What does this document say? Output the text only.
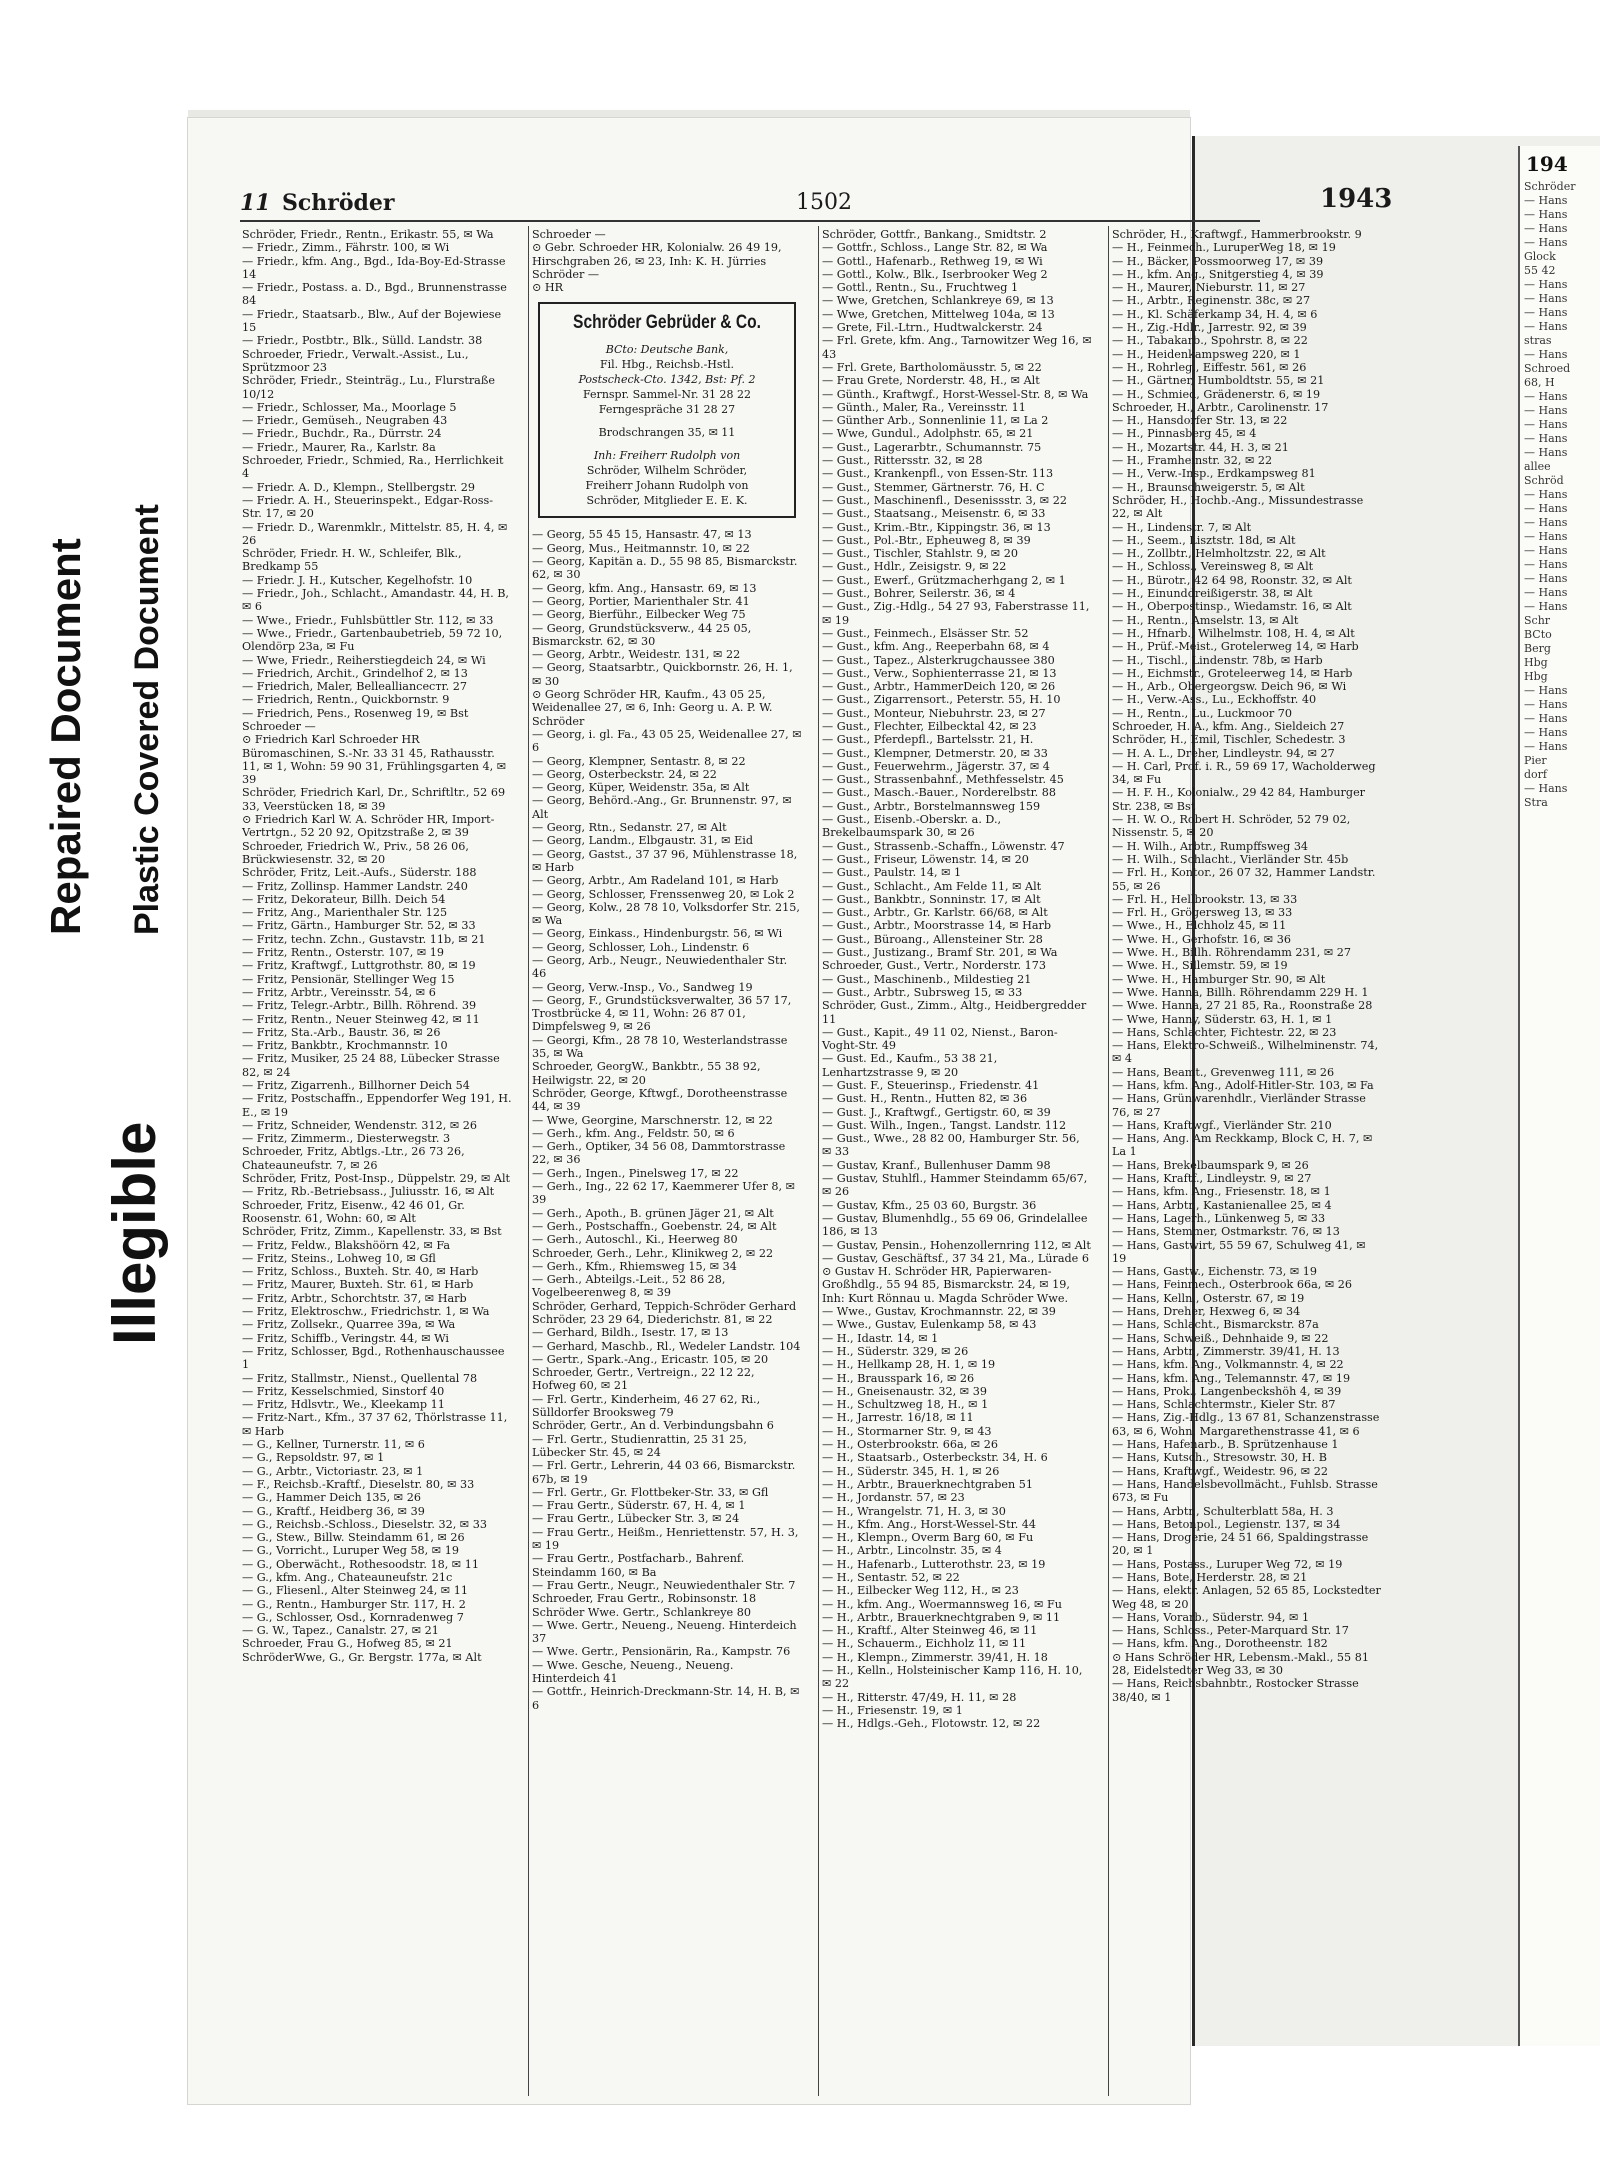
Repaired Document Plastic Covered Document
Illegible
194
Schröder
— Hans
— Hans
— Hans
— Hans
Glock
55 42
— Hans
— Hans
— Hans
— Hans
stras
— Hans
Schroed
68, H
— Hans
— Hans
— Hans
— Hans
— Hans
allee
Schröd
— Hans
— Hans
— Hans
— Hans
— Hans
— Hans
— Hans
— Hans
— Hans
Schr
BCto
Berg
Hbg
Hbg
— Hans
— Hans
— Hans
— Hans
— Hans
Pier
dorf
— Hans
Stra
11 Schröder	1502	1943
Schröder, Friedr., Rentn., Erikastr. 55, ✉ Wa
— Friedr., Zimm., Fährstr. 100, ✉ Wi
— Friedr., kfm. Ang., Bgd., Ida-Boy-Ed-Strasse 14
— Friedr., Postass. a. D., Bgd., Brunnenstrasse 84
— Friedr., Staatsarb., Blw., Auf der Bojewiese 15
— Friedr., Postbtr., Blk., Sülld. Landstr. 38
Schroeder, Friedr., Verwalt.-Assist., Lu., Sprützmoor 23
Schröder, Friedr., Steinträg., Lu., Flurstraße 10/12
— Friedr., Schlosser, Ma., Moorlage 5
— Friedr., Gemüseh., Neugraben 43
— Friedr., Buchdr., Ra., Dürrstr. 24
— Friedr., Maurer, Ra., Karlstr. 8a
Schroeder, Friedr., Schmied, Ra., Herrlichkeit 4
— Friedr. A. D., Klempn., Stellbergstr. 29
— Friedr. A. H., Steuerinspekt., Edgar-Ross-Str. 17, ✉ 20
— Friedr. D., Warenmklr., Mittelstr. 85, H. 4, ✉ 26
Schröder, Friedr. H. W., Schleifer, Blk., Bredkamp 55
— Friedr. J. H., Kutscher, Kegelhofstr. 10
— Friedr., Joh., Schlacht., Amandastr. 44, H. B, ✉ 6
— Wwe., Friedr., Fuhlsbüttler Str. 112, ✉ 33
— Wwe., Friedr., Gartenbaubetrieb, 59 72 10, Olendörp 23a, ✉ Fu
— Wwe, Friedr., Reiherstiegdeich 24, ✉ Wi
— Friedrich, Archit., Grindelhof 2, ✉ 13
— Friedrich, Maler, Belleallianceстr. 27
— Friedrich, Rentn., Quickbornstr. 9
— Friedrich, Pens., Rosenweg 19, ✉ Bst
Schroeder —
⊙ Friedrich Karl Schroeder HR Büromaschinen, S.-Nr. 33 31 45, Rathausstr. 11, ✉ 1, Wohn: 59 90 31, Frühlingsgarten 4, ✉ 39
Schröder, Friedrich Karl, Dr., Schriftltr., 52 69 33, Veerstücken 18, ✉ 39
⊙ Friedrich Karl W. A. Schröder HR, Import-Vertrtgn., 52 20 92, Opitzstraße 2, ✉ 39
Schroeder, Friedrich W., Priv., 58 26 06, Brückwiesenstr. 32, ✉ 20
Schröder, Fritz, Leit.-Aufs., Süderstr. 188
— Fritz, Zollinsp. Hammer Landstr. 240
— Fritz, Dekorateur, Billh. Deich 54
— Fritz, Ang., Marienthaler Str. 125
— Fritz, Gärtn., Hamburger Str. 52, ✉ 33
— Fritz, techn. Zchn., Gustavstr. 11b, ✉ 21
— Fritz, Rentn., Osterstr. 107, ✉ 19
— Fritz, Kraftwgf., Luttgrothstr. 80, ✉ 19
— Fritz, Pensionär, Stellinger Weg 15
— Fritz, Arbtr., Vereinsstr. 54, ✉ 6
— Fritz, Telegr.-Arbtr., Billh. Röhrend. 39
— Fritz, Rentn., Neuer Steinweg 42, ✉ 11
— Fritz, Sta.-Arb., Baustr. 36, ✉ 26
— Fritz, Bankbtr., Krochmannstr. 10
— Fritz, Musiker, 25 24 88, Lübecker Strasse 82, ✉ 24
— Fritz, Zigarrenh., Billhorner Deich 54
— Fritz, Postschaffn., Eppendorfer Weg 191, H. E., ✉ 19
— Fritz, Schneider, Wendenstr. 312, ✉ 26
— Fritz, Zimmerm., Diesterwegstr. 3
Schroeder, Fritz, Abtlgs.-Ltr., 26 73 26, Chateaunеufstr. 7, ✉ 26
Schröder, Fritz, Post-Insp., Düppelstr. 29, ✉ Alt
— Fritz, Rb.-Betriebsass., Juliusstr. 16, ✉ Alt
Schroeder, Fritz, Eisenw., 42 46 01, Gr. Roosenstr. 61, Wohn: 60, ✉ Alt
Schröder, Fritz, Zimm., Kapellenstr. 33, ✉ Bst
— Fritz, Feldw., Blakshöörn 42, ✉ Fa
— Fritz, Steins., Lohweg 10, ✉ Gfl
— Fritz, Schloss., Buxteh. Str. 40, ✉ Harb
— Fritz, Maurer, Buxteh. Str. 61, ✉ Harb
— Fritz, Arbtr., Schorchtstr. 37, ✉ Harb
— Fritz, Elektroschw., Friedrichstr. 1, ✉ Wa
— Fritz, Zollsekr., Quarree 39a, ✉ Wa
— Fritz, Schiffb., Veringstr. 44, ✉ Wi
— Fritz, Schlosser, Bgd., Rothenhauschaussee 1
— Fritz, Stallmstr., Nienst., Quellental 78
— Fritz, Kesselschmied, Sinstorf 40
— Fritz, Hdlsvtr., We., Kleekamp 11
— Fritz-Nart., Kfm., 37 37 62, Thörlstrasse 11, ✉ Harb
— G., Kellner, Turnerstr. 11, ✉ 6
— G., Repsoldstr. 97, ✉ 1
— G., Arbtr., Victoriastr. 23, ✉ 1
— F., Reichsb.-Kraftf., Dieselstr. 80, ✉ 33
— G., Hammer Deich 135, ✉ 26
— G., Kraftf., Heidberg 36, ✉ 39
— G., Reichsb.-Schloss., Dieselstr. 32, ✉ 33
— G., Stew., Billw. Steindamm 61, ✉ 26
— G., Vorricht., Luruper Weg 58, ✉ 19
— G., Oberwächt., Rothesoodstr. 18, ✉ 11
— G., kfm. Ang., Chateauneufstr. 21c
— G., Fliesenl., Alter Steinweg 24, ✉ 11
— G., Rentn., Hamburger Str. 117, H. 2
— G., Schlosser, Osd., Kornradenweg 7
— G. W., Tapez., Canalstr. 27, ✉ 21
Schroeder, Frau G., Hofweg 85, ✉ 21
SchröderWwe, G., Gr. Bergstr. 177a, ✉ Alt
Schroeder —
⊙ Gebr. Schroeder HR, Kolonialw. 26 49 19, Hirschgraben 26, ✉ 23, Inh: K. H. Jürries
Schröder —
⊙ HR
Schröder Gebrüder & Co.
BCto: Deutsche Bank,
Fil. Hbg., Reichsb.-Hstl.
Postscheck-Cto. 1342, Bst: Pf. 2
Fernspr. Sammel-Nr. 31 28 22
Ferngespräche 31 28 27
Brodschrangen 35, ✉ 11
Inh: Freiherr Rudolph von
Schröder, Wilhelm Schröder,
Freiherr Johann Rudolph von
Schröder, Mitglieder E. E. K.
— Georg, 55 45 15, Hansastr. 47, ✉ 13
— Georg, Mus., Heitmannstr. 10, ✉ 22
— Georg, Kapitän a. D., 55 98 85, Bismarckstr. 62, ✉ 30
— Georg, kfm. Ang., Hansastr. 69, ✉ 13
— Georg, Portier, Marienthaler Str. 41
— Georg, Bierführ., Eilbecker Weg 75
— Georg, Grundstücksverw., 44 25 05, Bismarckstr. 62, ✉ 30
— Georg, Arbtr., Weidestr. 131, ✉ 22
— Georg, Staatsarbtr., Quickbornstr. 26, H. 1, ✉ 30
⊙ Georg Schröder HR, Kaufm., 43 05 25, Weidenallee 27, ✉ 6, Inh: Georg u. A. P. W. Schröder
— Georg, i. gl. Fa., 43 05 25, Weidenallee 27, ✉ 6
— Georg, Klempner, Sentastr. 8, ✉ 22
— Georg, Osterbeckstr. 24, ✉ 22
— Georg, Küper, Weidenstr. 35a, ✉ Alt
— Georg, Behörd.-Ang., Gr. Brunnenstr. 97, ✉ Alt
— Georg, Rtn., Sedanstr. 27, ✉ Alt
— Georg, Landm., Elbgaustr. 31, ✉ Eid
— Georg, Gastst., 37 37 96, Mühlenstrasse 18, ✉ Harb
— Georg, Arbtr., Am Radeland 101, ✉ Harb
— Georg, Schlosser, Frenssenweg 20, ✉ Lok 2
— Georg, Kolw., 28 78 10, Volksdorfer Str. 215, ✉ Wa
— Georg, Einkass., Hindenburgstr. 56, ✉ Wi
— Georg, Schlosser, Loh., Lindenstr. 6
— Georg, Arb., Neugr., Neuwiedenthaler Str. 46
— Georg, Verw.-Insp., Vo., Sandweg 19
— Georg, F., Grundstücksverwalter, 36 57 17, Trostbrücke 4, ✉ 11, Wohn: 26 87 01, Dimpfelsweg 9, ✉ 26
— Georgi, Kfm., 28 78 10, Westerlandstrasse 35, ✉ Wa
Schroeder, GeorgW., Bankbtr., 55 38 92, Heilwigstr. 22, ✉ 20
Schröder, George, Kftwgf., Dorotheenstrasse 44, ✉ 39
— Wwe, Georgine, Marschnerstr. 12, ✉ 22
— Gerh., kfm. Ang., Feldstr. 50, ✉ 6
— Gerh., Optiker, 34 56 08, Dammtorstrasse 22, ✉ 36
— Gerh., Ingen., Pinelsweg 17, ✉ 22
— Gerh., Ing., 22 62 17, Kaemmerer Ufer 8, ✉ 39
— Gerh., Apoth., B. grünen Jäger 21, ✉ Alt
— Gerh., Postschaffn., Goebenstr. 24, ✉ Alt
— Gerh., Autoschl., Ki., Heerweg 80
Schroeder, Gerh., Lehr., Klinikweg 2, ✉ 22
— Gerh., Kfm., Rhiemsweg 15, ✉ 34
— Gerh., Abteilgs.-Leit., 52 86 28, Vogelbeerenweg 8, ✉ 39
Schröder, Gerhard, Teppich-Schröder Gerhard Schröder, 23 29 64, Diederichstr. 81, ✉ 22
— Gerhard, Bildh., Isestr. 17, ✉ 13
— Gerhard, Maschb., Rl., Wedeler Landstr. 104
— Gertr., Spark.-Ang., Ericastr. 105, ✉ 20
Schroeder, Gertr., Vertreign., 22 12 22, Hofweg 60, ✉ 21
— Frl. Gertr., Kinderheim, 46 27 62, Ri., Sülldorfer Brooksweg 79
Schröder, Gertr., An d. Verbindungsbahn 6
— Frl. Gertr., Studienrattin, 25 31 25, Lübecker Str. 45, ✉ 24
— Frl. Gertr., Lehrerin, 44 03 66, Bismarckstr. 67b, ✉ 19
— Frl. Gertr., Gr. Flottbeker-Str. 33, ✉ Gfl
— Frau Gertr., Süderstr. 67, H. 4, ✉ 1
— Frau Gertr., Lübecker Str. 3, ✉ 24
— Frau Gertr., Heißm., Henriettenstr. 57, H. 3, ✉ 19
— Frau Gertr., Postfacharb., Bahrenf. Steindamm 160, ✉ Ba
— Frau Gertr., Neugr., Neuwiedenthaler Str. 7
Schroeder, Frau Gertr., Robinsonstr. 18
Schröder Wwe. Gertr., Schlankreye 80
— Wwe. Gertr., Neueng., Neueng. Hinterdeich 37
— Wwe. Gertr., Pensionärin, Ra., Kampstr. 76
— Wwe. Gesche, Neueng., Neueng. Hinterdeich 41
— Gottfr., Heinrich-Dreckmann-Str. 14, H. B, ✉ 6
Schröder, Gottfr., Bankang., Smidtstr. 2
— Gottfr., Schloss., Lange Str. 82, ✉ Wa
— Gottl., Hafenarb., Rethweg 19, ✉ Wi
— Gottl., Kolw., Blk., Iserbrooker Weg 2
— Gottl., Rentn., Su., Fruchtweg 1
— Wwe, Gretchen, Schlankreye 69, ✉ 13
— Wwe, Gretchen, Mittelweg 104a, ✉ 13
— Grete, Fil.-Ltrn., Hudtwalckerstr. 24
— Frl. Grete, kfm. Ang., Tarnowitzer Weg 16, ✉ 43
— Frl. Grete, Bartholomäusstr. 5, ✉ 22
— Frau Grete, Norderstr. 48, H., ✉ Alt
— Günth., Kraftwgf., Horst-Wessel-Str. 8, ✉ Wa
— Günth., Maler, Ra., Vereinsstr. 11
— Günther Arb., Sonnenlinie 11, ✉ La 2
— Wwe, Gundul., Adolphstr. 65, ✉ 21
— Gust., Lagerarbtr., Schumannstr. 75
— Gust., Rittersstr. 32, ✉ 28
— Gust., Krankenpfl., von Essen-Str. 113
— Gust., Stemmer, Gärtnerstr. 76, H. C
— Gust., Maschinenfl., Desenissstr. 3, ✉ 22
— Gust., Staatsang., Meisenstr. 6, ✉ 33
— Gust., Krim.-Btr., Kippingstr. 36, ✉ 13
— Gust., Pol.-Btr., Epheuweg 8, ✉ 39
— Gust., Tischler, Stahlstr. 9, ✉ 20
— Gust., Hdlr., Zeisigstr. 9, ✉ 22
— Gust., Ewerf., Grützmacherhgang 2, ✉ 1
— Gust., Bohrer, Seilerstr. 36, ✉ 4
— Gust., Zig.-Hdlg., 54 27 93, Faberstrasse 11, ✉ 19
— Gust., Feinmech., Elsässer Str. 52
— Gust., kfm. Ang., Reeperbahn 68, ✉ 4
— Gust., Tapez., Alsterkrugchaussee 380
— Gust., Verw., Sophienterrasse 21, ✉ 13
— Gust., Arbtr., HammerDeich 120, ✉ 26
— Gust., Zigarrensort., Peterstr. 55, H. 10
— Gust., Monteur, Niebuhrstr. 23, ✉ 27
— Gust., Flechter, Eilbecktal 42, ✉ 23
— Gust., Pferdepfl., Bartelsstr. 21, H.
— Gust., Klempner, Detmerstr. 20, ✉ 33
— Gust., Feuerwehrm., Jägerstr. 37, ✉ 4
— Gust., Strassenbahnf., Methfesselstr. 45
— Gust., Masch.-Bauer., Norderelbstr. 88
— Gust., Arbtr., Borstelmannsweg 159
— Gust., Eisenb.-Oberskr. a. D., Brekelbaumspark 30, ✉ 26
— Gust., Strassenb.-Schaffn., Löwenstr. 47
— Gust., Friseur, Löwenstr. 14, ✉ 20
— Gust., Paulstr. 14, ✉ 1
— Gust., Schlacht., Am Felde 11, ✉ Alt
— Gust., Bankbtr., Sonninstr. 17, ✉ Alt
— Gust., Arbtr., Gr. Karlstr. 66/68, ✉ Alt
— Gust., Arbtr., Moorstrasse 14, ✉ Harb
— Gust., Büroang., Allensteiner Str. 28
— Gust., Justizang., Bramf Str. 201, ✉ Wa
Schroeder, Gust., Vertr., Norderstr. 173
— Gust., Maschinenb., Mildestieg 21
— Gust., Arbtr., Subrsweg 15, ✉ 33
Schröder, Gust., Zimm., Altg., Heidbergredder 11
— Gust., Kapit., 49 11 02, Nienst., Baron-Voght-Str. 49
— Gust. Ed., Kaufm., 53 38 21, Lenhartzstrasse 9, ✉ 20
— Gust. F., Steuerinsp., Friedenstr. 41
— Gust. H., Rentn., Hutten 82, ✉ 36
— Gust. J., Kraftwgf., Gertigstr. 60, ✉ 39
— Gust. Wilh., Ingen., Tangst. Landstr. 112
— Gust., Wwe., 28 82 00, Hamburger Str. 56, ✉ 33
— Gustav, Kranf., Bullenhuser Damm 98
— Gustav, Stuhlfl., Hammer Steindamm 65/67, ✉ 26
— Gustav, Kfm., 25 03 60, Burgstr. 36
— Gustav, Blumenhdlg., 55 69 06, Grindelallee 186, ✉ 13
— Gustav, Pensin., Hohenzollernring 112, ✉ Alt
— Gustav, Geschäftsf., 37 34 21, Ma., Lürade 6
⊙ Gustav H. Schröder HR, Papierwaren-Großhdlg., 55 94 85, Bismarckstr. 24, ✉ 19, Inh: Kurt Rönnau u. Magda Schröder Wwe.
— Wwe., Gustav, Krochmannstr. 22, ✉ 39
— Wwe., Gustav, Eulenkamp 58, ✉ 43
— H., Idastr. 14, ✉ 1
— H., Süderstr. 329, ✉ 26
— H., Hellkamp 28, H. 1, ✉ 19
— H., Brausspark 16, ✉ 26
— H., Gneisenaustr. 32, ✉ 39
— H., Schultzweg 18, H., ✉ 1
— H., Jarrestr. 16/18, ✉ 11
— H., Stormarner Str. 9, ✉ 43
— H., Osterbrookstr. 66a, ✉ 26
— H., Staatsarb., Osterbeckstr. 34, H. 6
— H., Süderstr. 345, H. 1, ✉ 26
— H., Arbtr., Brauerknechtgraben 51
— H., Jordanstr. 57, ✉ 23
— H., Wrangelstr. 71, H. 3, ✉ 30
— H., Kfm. Ang., Horst-Wessel-Str. 44
— H., Klempn., Overm Barg 60, ✉ Fu
— H., Arbtr., Lincolnstr. 35, ✉ 4
— H., Hafenarb., Lutterothstr. 23, ✉ 19
— H., Sentastr. 52, ✉ 22
— H., Eilbecker Weg 112, H., ✉ 23
— H., kfm. Ang., Woermannsweg 16, ✉ Fu
— H., Arbtr., Brauerknechtgraben 9, ✉ 11
— H., Kraftf., Alter Steinweg 46, ✉ 11
— H., Schauerm., Eichholz 11, ✉ 11
— H., Klempn., Zimmerstr. 39/41, H. 18
— H., Kelln., Holsteinischer Kamp 116, H. 10, ✉ 22
— H., Ritterstr. 47/49, H. 11, ✉ 28
— H., Friesenstr. 19, ✉ 1
— H., Hdlgs.-Geh., Flotowstr. 12, ✉ 22
Schröder, H., Kraftwgf., Hammerbrookstr. 9
— H., Feinmech., LuruperWeg 18, ✉ 19
— H., Bäcker, Possmoorweg 17, ✉ 39
— H., kfm. Ang., Snitgerstieg 4, ✉ 39
— H., Maurer, Nieburstr. 11, ✉ 27
— H., Arbtr., Reginenstr. 38c, ✉ 27
— H., Kl. Schäferkamp 34, H. 4, ✉ 6
— H., Zig.-Hdlr., Jarrestr. 92, ✉ 39
— H., Tabakarb., Spohrstr. 8, ✉ 22
— H., Heidenkampsweg 220, ✉ 1
— H., Rohrleg., Eiffestr. 561, ✉ 26
— H., Gärtner, Humboldtstr. 55, ✉ 21
— H., Schmied, Grädenerstr. 6, ✉ 19
Schroeder, H., Arbtr., Carolinenstr. 17
— H., Hansdorfer Str. 13, ✉ 22
— H., Pinnasberg 45, ✉ 4
— H., Mozartstr. 44, H. 3, ✉ 21
— H., Framheinstr. 32, ✉ 22
— H., Verw.-Insp., Erdkampsweg 81
— H., Braunschweigerstr. 5, ✉ Alt
Schröder, H., Hochb.-Ang., Missundestrasse 22, ✉ Alt
— H., Lindenstr. 7, ✉ Alt
— H., Seem., Lisztstr. 18d, ✉ Alt
— H., Zollbtr., Helmholtzstr. 22, ✉ Alt
— H., Schloss., Vereinsweg 8, ✉ Alt
— H., Bürotr., 42 64 98, Roonstr. 32, ✉ Alt
— H., Einunddreißigerstr. 38, ✉ Alt
— H., Oberpostinsp., Wiedamstr. 16, ✉ Alt
— H., Rentn., Amselstr. 13, ✉ Alt
— H., Hfnarb., Wilhelmstr. 108, H. 4, ✉ Alt
— H., Prüf.-Meist., Grotelerweg 14, ✉ Harb
— H., Tischl., Lindenstr. 78b, ✉ Harb
— H., Eichmstr., Groteleerweg 14, ✉ Harb
— H., Arb., Obergeorgsw. Deich 96, ✉ Wi
— H., Verw.-Ass., Lu., Eckhoffstr. 40
— H., Rentn., Lu., Luckmoor 70
Schroeder, H. A., kfm. Ang., Sieldeich 27
Schröder, H., Emil, Tischler, Schedestr. 3
— H. A. L., Dreher, Lindleystr. 94, ✉ 27
— H. Carl, Prof. i. R., 59 69 17, Wacholderweg 34, ✉ Fu
— H. F. H., Kolonialw., 29 42 84, Hamburger Str. 238, ✉ Bst
— H. W. O., Robert H. Schröder, 52 79 02, Nissenstr. 5, ✉ 20
— H. Wilh., Arbtr., Rumpffsweg 34
— H. Wilh., Schlacht., Vierländer Str. 45b
— Frl. H., Kontor., 26 07 32, Hammer Landstr. 55, ✉ 26
— Frl. H., Hellbrookstr. 13, ✉ 33
— Frl. H., Grögersweg 13, ✉ 33
— Wwe., H., Elchholz 45, ✉ 11
— Wwe. H., Gerhofstr. 16, ✉ 36
— Wwe. H., Billh. Röhrendamm 231, ✉ 27
— Wwe. H., Sillemstr. 59, ✉ 19
— Wwe. H., Hamburger Str. 90, ✉ Alt
— Wwe. Hanna, Billh. Röhrendamm 229 H. 1
— Wwe. Hanna, 27 21 85, Ra., Roonstraße 28
— Wwe, Hanny, Süderstr. 63, H. 1, ✉ 1
— Hans, Schlachter, Fichtestr. 22, ✉ 23
— Hans, Elektro-Schweiß., Wilhelminenstr. 74, ✉ 4
— Hans, Beamt., Grevenweg 111, ✉ 26
— Hans, kfm. Ang., Adolf-Hitler-Str. 103, ✉ Fa
— Hans, Grünwarenhdlr., Vierländer Strasse 76, ✉ 27
— Hans, Kraftwgf., Vierländer Str. 210
— Hans, Ang. Am Reckkamp, Block C, H. 7, ✉ La 1
— Hans, Brekelbaumspark 9, ✉ 26
— Hans, Kraftf., Lindleystr. 9, ✉ 27
— Hans, kfm. Ang., Friesenstr. 18, ✉ 1
— Hans, Arbtr., Kastanienallee 25, ✉ 4
— Hans, Lagerh., Lünkenweg 5, ✉ 33
— Hans, Stemmer, Ostmarkstr. 76, ✉ 13
— Hans, Gastwirt, 55 59 67, Schulweg 41, ✉ 19
— Hans, Gastw., Eichenstr. 73, ✉ 19
— Hans, Feinmech., Osterbrook 66a, ✉ 26
— Hans, Kelln., Osterstr. 67, ✉ 19
— Hans, Dreher, Hexweg 6, ✉ 34
— Hans, Schlacht., Bismarckstr. 87a
— Hans, Schweiß., Dehnhaide 9, ✉ 22
— Hans, Arbtr., Zimmerstr. 39/41, H. 13
— Hans, kfm. Ang., Volkmannstr. 4, ✉ 22
— Hans, kfm. Ang., Telemannstr. 47, ✉ 19
— Hans, Prok., Langenbeckshöh 4, ✉ 39
— Hans, Schlachtermstr., Kieler Str. 87
— Hans, Zig.-Hdlg., 13 67 81, Schanzenstrasse 63, ✉ 6, Wohn. Margarethenstrasse 41, ✉ 6
— Hans, Hafenarb., B. Sprützenhause 1
— Hans, Kutsch., Stresowstr. 30, H. B
— Hans, Kraftwgf., Weidestr. 96, ✉ 22
— Hans, Handelsbevollmächt., Fuhlsb. Strasse 673, ✉ Fu
— Hans, Arbtr., Schulterblatt 58a, H. 3
— Hans, Betonpol., Legienstr. 137, ✉ 34
— Hans, Drogerie, 24 51 66, Spaldingstrasse 20, ✉ 1
— Hans, Postass., Luruper Weg 72, ✉ 19
— Hans, Bote, Herderstr. 28, ✉ 21
— Hans, elektr. Anlagen, 52 65 85, Lockstedter Weg 48, ✉ 20
— Hans, Vorarb., Süderstr. 94, ✉ 1
— Hans, Schloss., Peter-Marquard Str. 17
— Hans, kfm. Ang., Dorotheenstr. 182
⊙ Hans Schröder HR, Lebensm.-Makl., 55 81 28, Eidelstedter Weg 33, ✉ 30
— Hans, Reichsbahnbtr., Rostocker Strasse 38/40, ✉ 1
